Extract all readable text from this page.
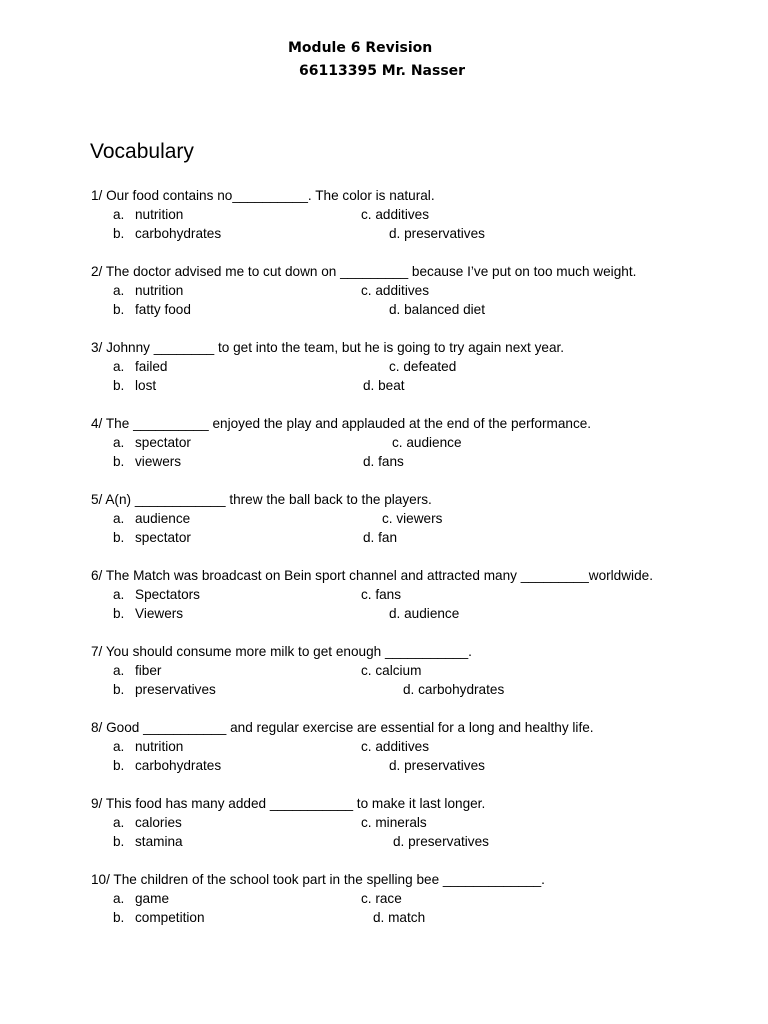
Module 6 Revision
66113395 Mr. Nasser
Vocabulary
1/ Our food contains no__________. The color is natural.
a. nutrition
b. carbohydrates
c. additives
d. preservatives
2/ The doctor advised me to cut down on _________ because I’ve put on too much weight.
a. nutrition
b. fatty food
c. additives
d. balanced diet
3/ Johnny ________ to get into the team, but he is going to try again next year.
a. failed
b. lost
c. defeated
d. beat
4/ The __________ enjoyed the play and applauded at the end of the performance.
a. spectator
b. viewers
c. audience
d. fans
5/ A(n) ____________ threw the ball back to the players.
a. audience
b. spectator
c. viewers
d. fan
6/ The Match was broadcast on Bein sport channel and attracted many _________worldwide.
a. Spectators
b. Viewers
c. fans
d. audience
7/ You should consume more milk to get enough ___________.
a. fiber
b. preservatives
c. calcium
d. carbohydrates
8/ Good ___________ and regular exercise are essential for a long and healthy life.
a. nutrition
b. carbohydrates
c. additives
d. preservatives
9/ This food has many added ___________ to make it last longer.
a. calories
b. stamina
c. minerals
d. preservatives
10/ The children of the school took part in the spelling bee _____________.
a. game
b. competition
c. race
d. match
